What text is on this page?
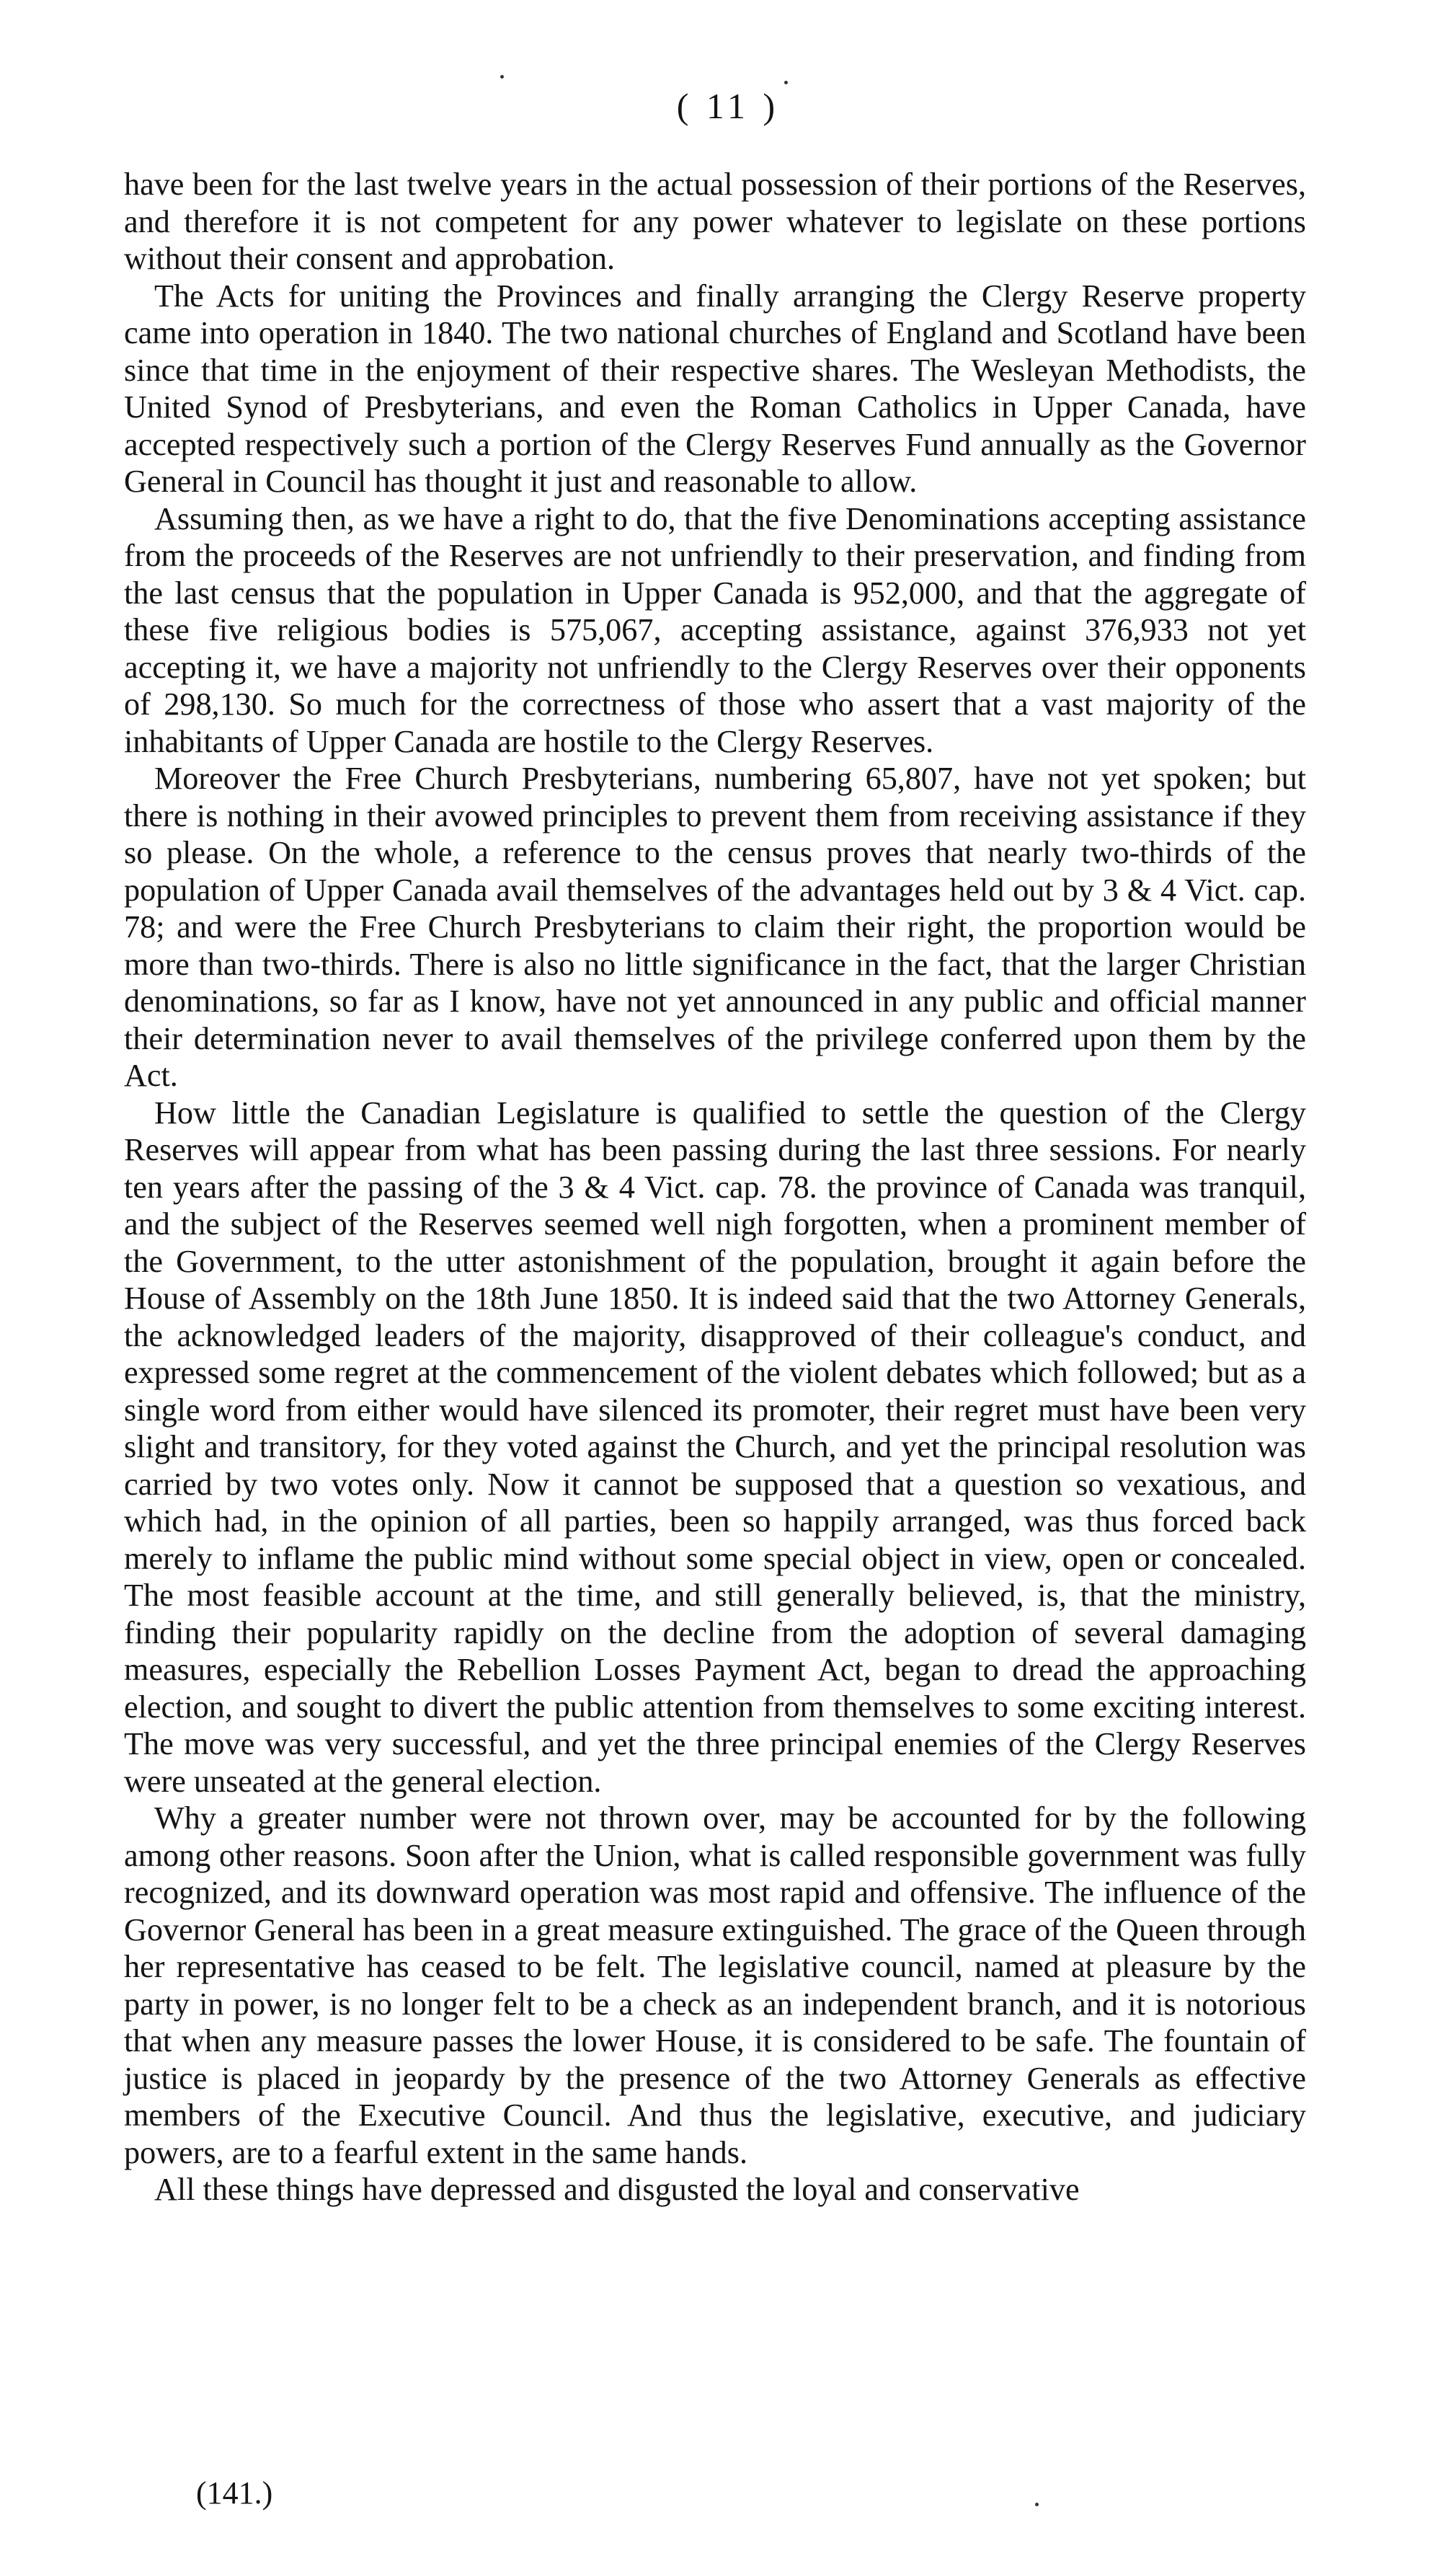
( 11 )

have been for the last twelve years in the actual possession of their portions of the Reserves, and therefore it is not competent for any power whatever to legislate on these portions without their consent and approbation.

The Acts for uniting the Provinces and finally arranging the Clergy Reserve property came into operation in 1840. The two national churches of England and Scotland have been since that time in the enjoyment of their respective shares. The Wesleyan Methodists, the United Synod of Presbyterians, and even the Roman Catholics in Upper Canada, have accepted respectively such a portion of the Clergy Reserves Fund annually as the Governor General in Council has thought it just and reasonable to allow.

Assuming then, as we have a right to do, that the five Denominations accepting assistance from the proceeds of the Reserves are not unfriendly to their preservation, and finding from the last census that the population in Upper Canada is 952,000, and that the aggregate of these five religious bodies is 575,067, accepting assistance, against 376,933 not yet accepting it, we have a majority not unfriendly to the Clergy Reserves over their opponents of 298,130. So much for the correctness of those who assert that a vast majority of the inhabitants of Upper Canada are hostile to the Clergy Reserves.

Moreover the Free Church Presbyterians, numbering 65,807, have not yet spoken; but there is nothing in their avowed principles to prevent them from receiving assistance if they so please. On the whole, a reference to the census proves that nearly two-thirds of the population of Upper Canada avail themselves of the advantages held out by 3 & 4 Vict. cap. 78; and were the Free Church Presbyterians to claim their right, the proportion would be more than two-thirds. There is also no little significance in the fact, that the larger Christian denominations, so far as I know, have not yet announced in any public and official manner their determination never to avail themselves of the privilege conferred upon them by the Act.

How little the Canadian Legislature is qualified to settle the question of the Clergy Reserves will appear from what has been passing during the last three sessions. For nearly ten years after the passing of the 3 & 4 Vict. cap. 78. the province of Canada was tranquil, and the subject of the Reserves seemed well nigh forgotten, when a prominent member of the Government, to the utter astonishment of the population, brought it again before the House of Assembly on the 18th June 1850. It is indeed said that the two Attorney Generals, the acknowledged leaders of the majority, disapproved of their colleague's conduct, and expressed some regret at the commencement of the violent debates which followed; but as a single word from either would have silenced its promoter, their regret must have been very slight and transitory, for they voted against the Church, and yet the principal resolution was carried by two votes only. Now it cannot be supposed that a question so vexatious, and which had, in the opinion of all parties, been so happily arranged, was thus forced back merely to inflame the public mind without some special object in view, open or concealed. The most feasible account at the time, and still generally believed, is, that the ministry, finding their popularity rapidly on the decline from the adoption of several damaging measures, especially the Rebellion Losses Payment Act, began to dread the approaching election, and sought to divert the public attention from themselves to some exciting interest. The move was very successful, and yet the three principal enemies of the Clergy Reserves were unseated at the general election.

Why a greater number were not thrown over, may be accounted for by the following among other reasons. Soon after the Union, what is called responsible government was fully recognized, and its downward operation was most rapid and offensive. The influence of the Governor General has been in a great measure extinguished. The grace of the Queen through her representative has ceased to be felt. The legislative council, named at pleasure by the party in power, is no longer felt to be a check as an independent branch, and it is notorious that when any measure passes the lower House, it is considered to be safe. The fountain of justice is placed in jeopardy by the presence of the two Attorney Generals as effective members of the Executive Council. And thus the legislative, executive, and judiciary powers, are to a fearful extent in the same hands.

All these things have depressed and disgusted the loyal and conservative

(141.)
